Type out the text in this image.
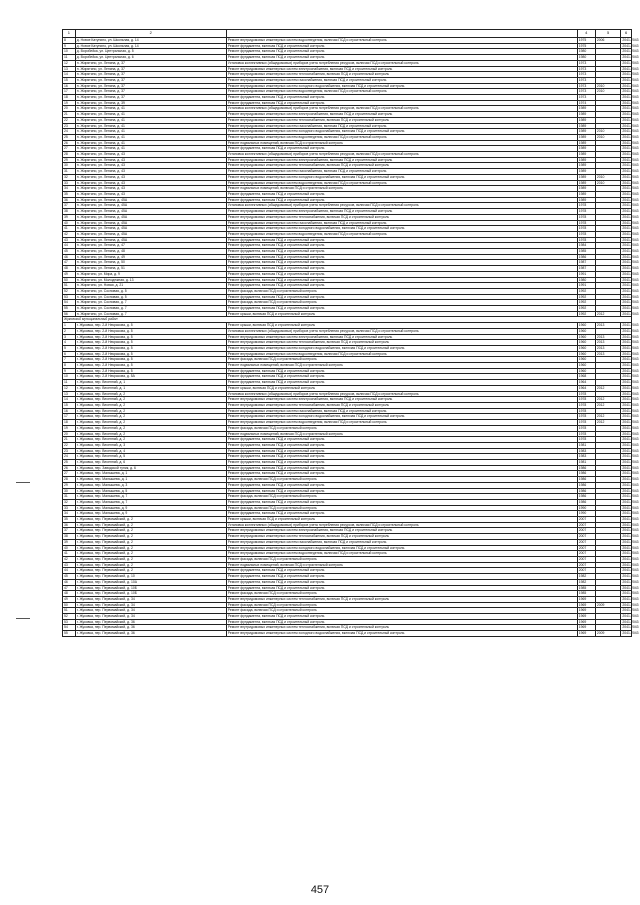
1	2		4	5	6
8	д. Новое Катунино, ул. Школьная, д. 14	Ремонт внутридомовых инженерных систем водоотведения, включая ПСД и строительный контроль	1975	2006	2041-2043
9	д. Новое Катунино, ул. Школьная, д. 14	Ремонт фундамента, включая ПСД и строительный контроль	1975		2041-2043
10	д. Воробейка, ул. Центральная, д. 5	Ремонт фундамента, включая ПСД и строительный контроль	1980		2041-2043
11	д. Воробейка, ул. Центральная, д. 6	Ремонт фундамента, включая ПСД и строительный контроль	1980		2041-2043
12	п. Жирятино, ул. Ленина, д. 37	Установка коллективных (общедомовых) приборов учета потребления ресурсов, включая ПСД и строительный контроль	1973		2041-2043
13	п. Жирятино, ул. Ленина, д. 37	Ремонт внутридомовых инженерных систем электроснабжения, включая ПСД и строительный контроль	1973		2041-2043
14	п. Жирятино, ул. Ленина, д. 37	Ремонт внутридомовых инженерных систем теплоснабжения, включая ПСД и строительный контроль	1973		2041-2043
15	п. Жирятино, ул. Ленина, д. 37	Ремонт внутридомовых инженерных систем газоснабжения, включая ПСД и строительный контроль	1973		2041-2043
16	п. Жирятино, ул. Ленина, д. 37	Ремонт внутридомовых инженерных систем холодного водоснабжения, включая ПСД и строительный контроль	1973	2010	2041-2043
17	п. Жирятино, ул. Ленина, д. 37	Ремонт внутридомовых инженерных систем водоотведения, включая ПСД и строительный контроль	1973	2010	2041-2043
18	п. Жирятино, ул. Ленина, д. 37	Ремонт фундамента, включая ПСД и строительный контроль	1973		2041-2043
19	п. Жирятино, ул. Ленина, д. 39	Ремонт фундамента, включая ПСД и строительный контроль	1974		2041-2043
20	п. Жирятино, ул. Ленина, д. 41	Установка коллективных (общедомовых) приборов учета потребления ресурсов, включая ПСД и строительный контроль	1989		2041-2043
21	п. Жирятино, ул. Ленина, д. 41	Ремонт внутридомовых инженерных систем электроснабжения, включая ПСД и строительный контроль	1989		2041-2043
22	п. Жирятино, ул. Ленина, д. 41	Ремонт внутридомовых инженерных систем теплоснабжения, включая ПСД и строительный контроль	1989		2041-2043
23	п. Жирятино, ул. Ленина, д. 41	Ремонт внутридомовых инженерных систем газоснабжения, включая ПСД и строительный контроль	1989		2041-2043
24	п. Жирятино, ул. Ленина, д. 41	Ремонт внутридомовых инженерных систем холодного водоснабжения, включая ПСД и строительный контроль	1989	2010	2041-2043
25	п. Жирятино, ул. Ленина, д. 41	Ремонт внутридомовых инженерных систем водоотведения, включая ПСД и строительный контроль	1989	2010	2041-2043
26	п. Жирятино, ул. Ленина, д. 41	Ремонт подвальных помещений, включая ПСД и строительный контроль	1989		2041-2043
27	п. Жирятино, ул. Ленина, д. 41	Ремонт фундамента, включая ПСД и строительный контроль	1989		2041-2043
28	п. Жирятино, ул. Ленина, д. 43	Установка коллективных (общедомовых) приборов учета потребления ресурсов, включая ПСД и строительный контроль	1989		2041-2043
29	п. Жирятино, ул. Ленина, д. 43	Ремонт внутридомовых инженерных систем электроснабжения, включая ПСД и строительный контроль	1989		2041-2043
30	п. Жирятино, ул. Ленина, д. 43	Ремонт внутридомовых инженерных систем теплоснабжения, включая ПСД и строительный контроль	1989		2041-2043
31	п. Жирятино, ул. Ленина, д. 43	Ремонт внутридомовых инженерных систем газоснабжения, включая ПСД и строительный контроль	1989		2041-2043
32	п. Жирятино, ул. Ленина, д. 43	Ремонт внутридомовых инженерных систем холодного водоснабжения, включая ПСД и строительный контроль	1989	2010	2041-2043
33	п. Жирятино, ул. Ленина, д. 43	Ремонт внутридомовых инженерных систем водоотведения, включая ПСД и строительный контроль	1989	2010	2041-2043
34	п. Жирятино, ул. Ленина, д. 43	Ремонт подвальных помещений, включая ПСД и строительный контроль	1989		2041-2043
35	п. Жирятино, ул. Ленина, д. 43	Ремонт фундамента, включая ПСД и строительный контроль	1989		2041-2043
36	п. Жирятино, ул. Ленина, д. 45А	Ремонт фундамента, включая ПСД и строительный контроль	1989		2041-2043
37	п. Жирятино, ул. Ленина, д. 45А	Установка коллективных (общедомовых) приборов учета потребления ресурсов, включая ПСД и строительный контроль	1978		2041-2043
38	п. Жирятино, ул. Ленина, д. 45А	Ремонт внутридомовых инженерных систем электроснабжения, включая ПСД и строительный контроль	1978		2041-2043
39	п. Жирятино, ул. Ленина, д. 45А	Ремонт внутридомовых инженерных систем теплоснабжения, включая ПСД и строительный контроль	1978		2041-2043
40	п. Жирятино, ул. Ленина, д. 45А	Ремонт внутридомовых инженерных систем газоснабжения, включая ПСД и строительный контроль	1978		2041-2043
41	п. Жирятино, ул. Ленина, д. 45А	Ремонт внутридомовых инженерных систем холодного водоснабжения, включая ПСД и строительный контроль	1978		2041-2043
42	п. Жирятино, ул. Ленина, д. 45А	Ремонт внутридомовых инженерных систем водоотведения, включая ПСД и строительный контроль	1978		2041-2043
43	п. Жирятино, ул. Ленина, д. 45А	Ремонт фундамента, включая ПСД и строительный контроль	1978		2041-2043
44	п. Жирятино, ул. Ленина, д. 47	Ремонт фундамента, включая ПСД и строительный контроль	1984		2041-2043
45	п. Жирятино, ул. Ленина, д. 48	Ремонт фундамента, включая ПСД и строительный контроль	1985		2041-2043
46	п. Жирятино, ул. Ленина, д. 49	Ремонт фундамента, включая ПСД и строительный контроль	1986		2041-2043
47	п. Жирятино, ул. Ленина, д. 50	Ремонт фундамента, включая ПСД и строительный контроль	1987		2041-2043
48	п. Жирятино, ул. Ленина, д. 51	Ремонт фундамента, включая ПСД и строительный контроль	1987		2041-2043
49	п. Жирятино, ул. Мира, д. 9	Ремонт фундамента, включая ПСД и строительный контроль	1991		2041-2043
50	п. Жирятино, ул. Молодежная, д. 13	Ремонт фундамента, включая ПСД и строительный контроль	1980		2041-2043
51	п. Жирятино, ул. Новая, д. 21	Ремонт фундамента, включая ПСД и строительный контроль	1991		2041-2043
52	п. Жирятино, ул. Сосновая, д. 5	Ремонт фасада, включая ПСД и строительный контроль	1992		2041-2043
53	п. Жирятино, ул. Сосновая, д. 5	Ремонт фундамента, включая ПСД и строительный контроль	1992		2041-2043
54	п. Жирятино, ул. Сосновая, д. 7	Ремонт фасада, включая ПСД и строительный контроль	1992		2041-2043
55	п. Жирятино, ул. Сосновая, д. 7	Ремонт фундамента, включая ПСД и строительный контроль	1992		2041-2043
56	п. Жирятино, ул. Сосновая, д. 7	Ремонт крыши, включая ПСД и строительный контроль	1992	2012	2041-2043
Жуковский муниципальный район					
1	г. Жуковка, пер. 2-й Некрасова, д. 5	Ремонт крыши, включая ПСД и строительный контроль	1960	2013	2041-2043
2	г. Жуковка, пер. 2-й Некрасова, д. 5	Установка коллективных (общедомовых) приборов учета потребления ресурсов, включая ПСД и строительный контроль	1960		2041-2043
3	г. Жуковка, пер. 2-й Некрасова, д. 5	Ремонт внутридомовых инженерных систем электроснабжения, включая ПСД и строительный контроль	1960	2013	2041-2043
4	г. Жуковка, пер. 2-й Некрасова, д. 5	Ремонт внутридомовых инженерных систем теплоснабжения, включая ПСД и строительный контроль	1960	2013	2041-2043
5	г. Жуковка, пер. 2-й Некрасова, д. 5	Ремонт внутридомовых инженерных систем холодного водоснабжения, включая ПСД и строительный контроль	1960	2013	2041-2043
6	г. Жуковка, пер. 2-й Некрасова, д. 5	Ремонт внутридомовых инженерных систем водоотведения, включая ПСД и строительный контроль	1960	2013	2041-2043
7	г. Жуковка, пер. 2-й Некрасова, д. 5	Ремонт фасада, включая ПСД и строительный контроль	1960		2041-2043
8	г. Жуковка, пер. 2-й Некрасова, д. 5	Ремонт подвальных помещений, включая ПСД и строительный контроль	1960		2041-2043
9	г. Жуковка, пер. 2-й Некрасова, д. 5	Ремонт фундамента, включая ПСД и строительный контроль	1960		2041-2043
10	г. Жуковка, пер. 2-й Некрасова, д. 5А	Ремонт фундамента, включая ПСД и строительный контроль	1968		2041-2043
11	г. Жуковка, пер. Весенний, д. 1	Ремонт фундамента, включая ПСД и строительный контроль	1964		2041-2043
12	г. Жуковка, пер. Весенний, д. 1	Ремонт крыши, включая ПСД и строительный контроль	1964	2012	2041-2043
13	г. Жуковка, пер. Весенний, д. 2	Установка коллективных (общедомовых) приборов учета потребления ресурсов, включая ПСД и строительный контроль	1978		2041-2043
14	г. Жуковка, пер. Весенний, д. 2	Ремонт внутридомовых инженерных систем электроснабжения, включая ПСД и строительный контроль	1978	2012	2041-2043
15	г. Жуковка, пер. Весенний, д. 2	Ремонт внутридомовых инженерных систем теплоснабжения, включая ПСД и строительный контроль	1978	2012	2041-2043
16	г. Жуковка, пер. Весенний, д. 2	Ремонт внутридомовых инженерных систем газоснабжения, включая ПСД и строительный контроль	1978		2041-2043
17	г. Жуковка, пер. Весенний, д. 2	Ремонт внутридомовых инженерных систем холодного водоснабжения, включая ПСД и строительный контроль	1978	2012	2041-2043
18	г. Жуковка, пер. Весенний, д. 2	Ремонт внутридомовых инженерных систем водоотведения, включая ПСД и строительный контроль	1978	2012	2041-2043
19	г. Жуковка, пер. Весенний, д. 2	Ремонт фасада, включая ПСД и строительный контроль	1978		2041-2043
20	г. Жуковка, пер. Весенний, д. 2	Ремонт подвальных помещений, включая ПСД и строительный контроль	1978		2041-2043
21	г. Жуковка, пер. Весенний, д. 2	Ремонт фундамента, включая ПСД и строительный контроль	1978		2041-2043
22	г. Жуковка, пер. Весенний, д. 3	Ремонт фундамента, включая ПСД и строительный контроль	1981		2041-2043
23	г. Жуковка, пер. Весенний, д. 4	Ремонт фундамента, включая ПСД и строительный контроль	1983		2041-2043
24	г. Жуковка, пер. Весенний, д. 5	Ремонт фундамента, включая ПСД и строительный контроль	1983		2041-2043
25	г. Жуковка, пер. Весенний, д. 6	Ремонт фундамента, включая ПСД и строительный контроль	1981		2041-2043
26	г. Жуковка, пер. Заводской тупик, д. 6	Ремонт фундамента, включая ПСД и строительный контроль	1986		2041-2043
27	г. Жуковка, пер. Малышева, д. 1	Ремонт фундамента, включая ПСД и строительный контроль	1986		2041-2043
28	г. Жуковка, пер. Малышева, д. 1	Ремонт фасада, включая ПСД и строительный контроль	1986		2041-2043
29	г. Жуковка, пер. Малышева, д. 3	Ремонт фундамента, включая ПСД и строительный контроль	1986		2041-2043
30	г. Жуковка, пер. Малышева, д. 5	Ремонт фундамента, включая ПСД и строительный контроль	1986		2041-2043
31	г. Жуковка, пер. Малышева, д. 7	Ремонт фасада, включая ПСД и строительный контроль	1986		2041-2043
32	г. Жуковка, пер. Малышева, д. 7	Ремонт фундамента, включая ПСД и строительный контроль	1986		2041-2043
33	г. Жуковка, пер. Малышева, д. 9	Ремонт фасада, включая ПСД и строительный контроль	1990		2041-2043
34	г. Жуковка, пер. Малышева, д. 9	Ремонт фундамента, включая ПСД и строительный контроль	1990		2041-2043
35	г. Жуковка, пер. Первомайский, д. 2	Ремонт крыши, включая ПСД и строительный контроль	2007		2041-2043
36	г. Жуковка, пер. Первомайский, д. 2	Установка коллективных (общедомовых) приборов учета потребления ресурсов, включая ПСД и строительный контроль	2007		2041-2043
37	г. Жуковка, пер. Первомайский, д. 2	Ремонт внутридомовых инженерных систем электроснабжения, включая ПСД и строительный контроль	2007		2041-2043
38	г. Жуковка, пер. Первомайский, д. 2	Ремонт внутридомовых инженерных систем теплоснабжения, включая ПСД и строительный контроль	2007		2041-2043
39	г. Жуковка, пер. Первомайский, д. 2	Ремонт внутридомовых инженерных систем газоснабжения, включая ПСД и строительный контроль	2007		2041-2043
40	г. Жуковка, пер. Первомайский, д. 2	Ремонт внутридомовых инженерных систем холодного водоснабжения, включая ПСД и строительный контроль	2007		2041-2043
41	г. Жуковка, пер. Первомайский, д. 2	Ремонт внутридомовых инженерных систем водоотведения, включая ПСД и строительный контроль	2007		2041-2043
42	г. Жуковка, пер. Первомайский, д. 2	Ремонт фасада, включая ПСД и строительный контроль	2007		2041-2043
43	г. Жуковка, пер. Первомайский, д. 2	Ремонт подвальных помещений, включая ПСД и строительный контроль	2007		2041-2043
44	г. Жуковка, пер. Первомайский, д. 2	Ремонт фундамента, включая ПСД и строительный контроль	2007		2041-2043
45	г. Жуковка, пер. Первомайский, д. 10	Ремонт фундамента, включая ПСД и строительный контроль	1982		2041-2043
46	г. Жуковка, пер. Первомайский, д. 10А	Ремонт фундамента, включая ПСД и строительный контроль	1982		2041-2043
47	г. Жуковка, пер. Первомайский, д. 10Б	Ремонт фундамента, включая ПСД и строительный контроль	1985		2041-2043
48	г. Жуковка, пер. Первомайский, д. 10Б	Ремонт фасада, включая ПСД и строительный контроль	1985		2041-2043
49	г. Жуковка, пер. Первомайский, д. 34	Ремонт внутридомовых инженерных систем теплоснабжения, включая ПСД и строительный контроль	1969		2041-2043
50	г. Жуковка, пер. Первомайский, д. 34	Ремонт фасада, включая ПСД и строительный контроль	1969	2009	2041-2043
51	г. Жуковка, пер. Первомайский, д. 34	Ремонт фасада, включая ПСД и строительный контроль	1969		2041-2043
52	г. Жуковка, пер. Первомайский, д. 34	Ремонт фундамента, включая ПСД и строительный контроль	1969		2041-2043
53	г. Жуковка, пер. Первомайский, д. 36	Ремонт фундамента, включая ПСД и строительный контроль	1969		2041-2043
54	г. Жуковка, пер. Первомайский, д. 36	Ремонт внутридомовых инженерных систем теплоснабжения, включая ПСД и строительный контроль	1969		2041-2043
55	г. Жуковка, пер. Первомайский, д. 36	Ремонт внутридомовых инженерных систем холодного водоснабжения, включая ПСД и строительный контроль	1969	2009	2041-2043
457
